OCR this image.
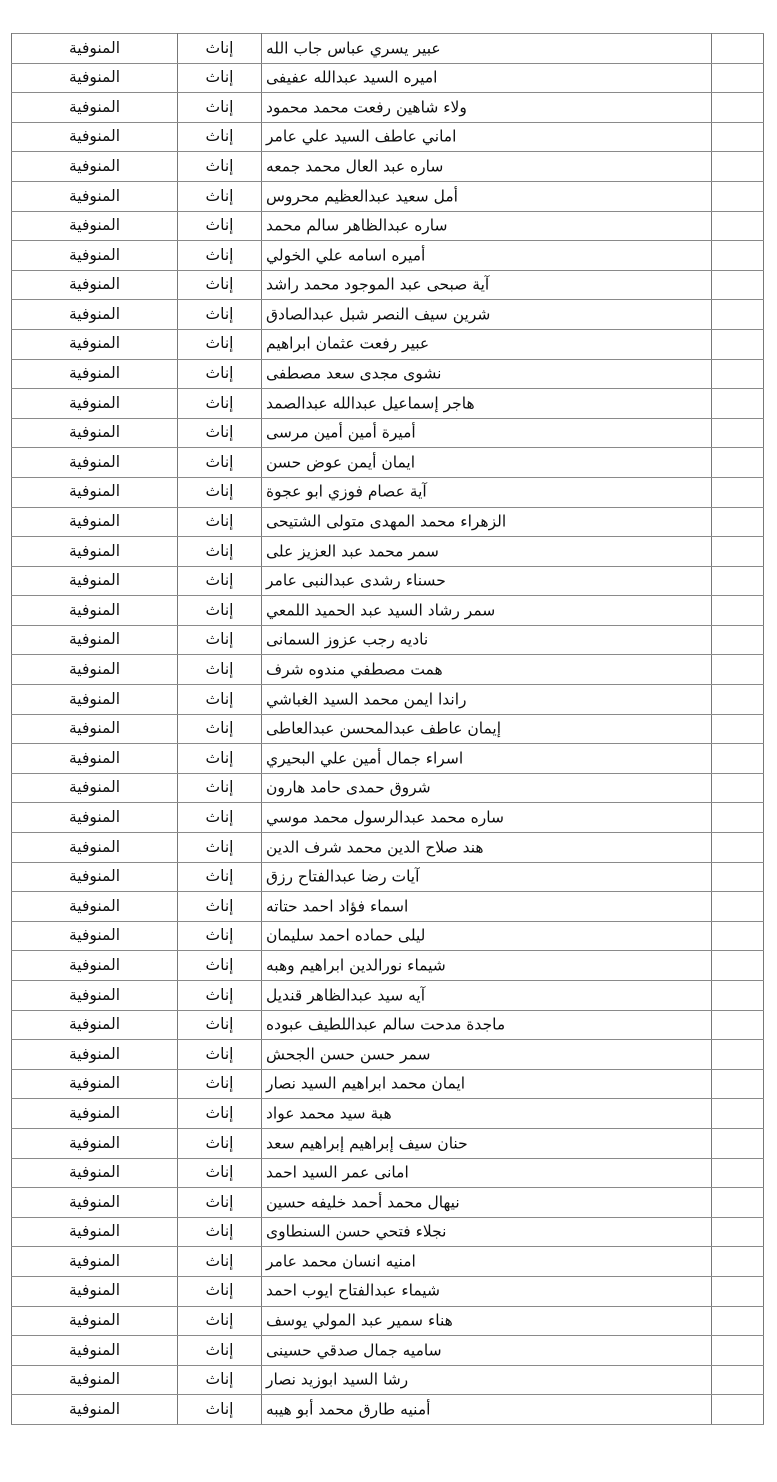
	عبير يسري عباس جاب الله	إناث	المنوفية
	اميره السيد عبدالله عفيفى	إناث	المنوفية
	ولاء شاهين رفعت محمد محمود	إناث	المنوفية
	اماني عاطف السيد علي عامر	إناث	المنوفية
	ساره عبد العال محمد جمعه	إناث	المنوفية
	أمل سعيد عبدالعظيم محروس	إناث	المنوفية
	ساره عبدالظاهر سالم محمد	إناث	المنوفية
	أميره اسامه علي الخولي	إناث	المنوفية
	آية صبحى عبد الموجود محمد راشد	إناث	المنوفية
	شرين سيف النصر شبل عبدالصادق	إناث	المنوفية
	عبير رفعت عثمان ابراهيم	إناث	المنوفية
	نشوى مجدى سعد مصطفى	إناث	المنوفية
	هاجر إسماعيل عبدالله عبدالصمد	إناث	المنوفية
	أميرة أمين أمين مرسى	إناث	المنوفية
	ايمان أيمن عوض حسن	إناث	المنوفية
	آية عصام فوزي ابو عجوة	إناث	المنوفية
	الزهراء محمد المهدى متولى الشتيحى	إناث	المنوفية
	سمر محمد عبد العزيز على	إناث	المنوفية
	حسناء رشدى عبدالنبى عامر	إناث	المنوفية
	سمر رشاد السيد عبد الحميد اللمعي	إناث	المنوفية
	ناديه رجب عزوز السمانى	إناث	المنوفية
	همت مصطفي مندوه شرف	إناث	المنوفية
	راندا ايمن محمد السيد الغباشي	إناث	المنوفية
	إيمان عاطف عبدالمحسن عبدالعاطى	إناث	المنوفية
	اسراء جمال أمين علي البحيري	إناث	المنوفية
	شروق حمدى حامد هارون	إناث	المنوفية
	ساره محمد عبدالرسول محمد موسي	إناث	المنوفية
	هند صلاح الدين محمد شرف الدين	إناث	المنوفية
	آيات رضا عبدالفتاح رزق	إناث	المنوفية
	اسماء فؤاد احمد حتاته	إناث	المنوفية
	ليلى حماده احمد سليمان	إناث	المنوفية
	شيماء نورالدين ابراهيم وهبه	إناث	المنوفية
	آيه سيد عبدالظاهر قنديل	إناث	المنوفية
	ماجدة مدحت سالم عبداللطيف عبوده	إناث	المنوفية
	سمر حسن حسن الجحش	إناث	المنوفية
	ايمان محمد ابراهيم السيد نصار	إناث	المنوفية
	هبة سيد محمد عواد	إناث	المنوفية
	حنان سيف إبراهيم إبراهيم سعد	إناث	المنوفية
	امانى عمر السيد احمد	إناث	المنوفية
	نيهال محمد أحمد خليفه حسين	إناث	المنوفية
	نجلاء فتحي حسن السنطاوى	إناث	المنوفية
	امنيه انسان محمد عامر	إناث	المنوفية
	شيماء عبدالفتاح ايوب احمد	إناث	المنوفية
	هناء سمير عبد المولي يوسف	إناث	المنوفية
	ساميه جمال صدقي حسينى	إناث	المنوفية
	رشا السيد ابوزيد نصار	إناث	المنوفية
	أمنيه طارق محمد أبو هيبه	إناث	المنوفية
